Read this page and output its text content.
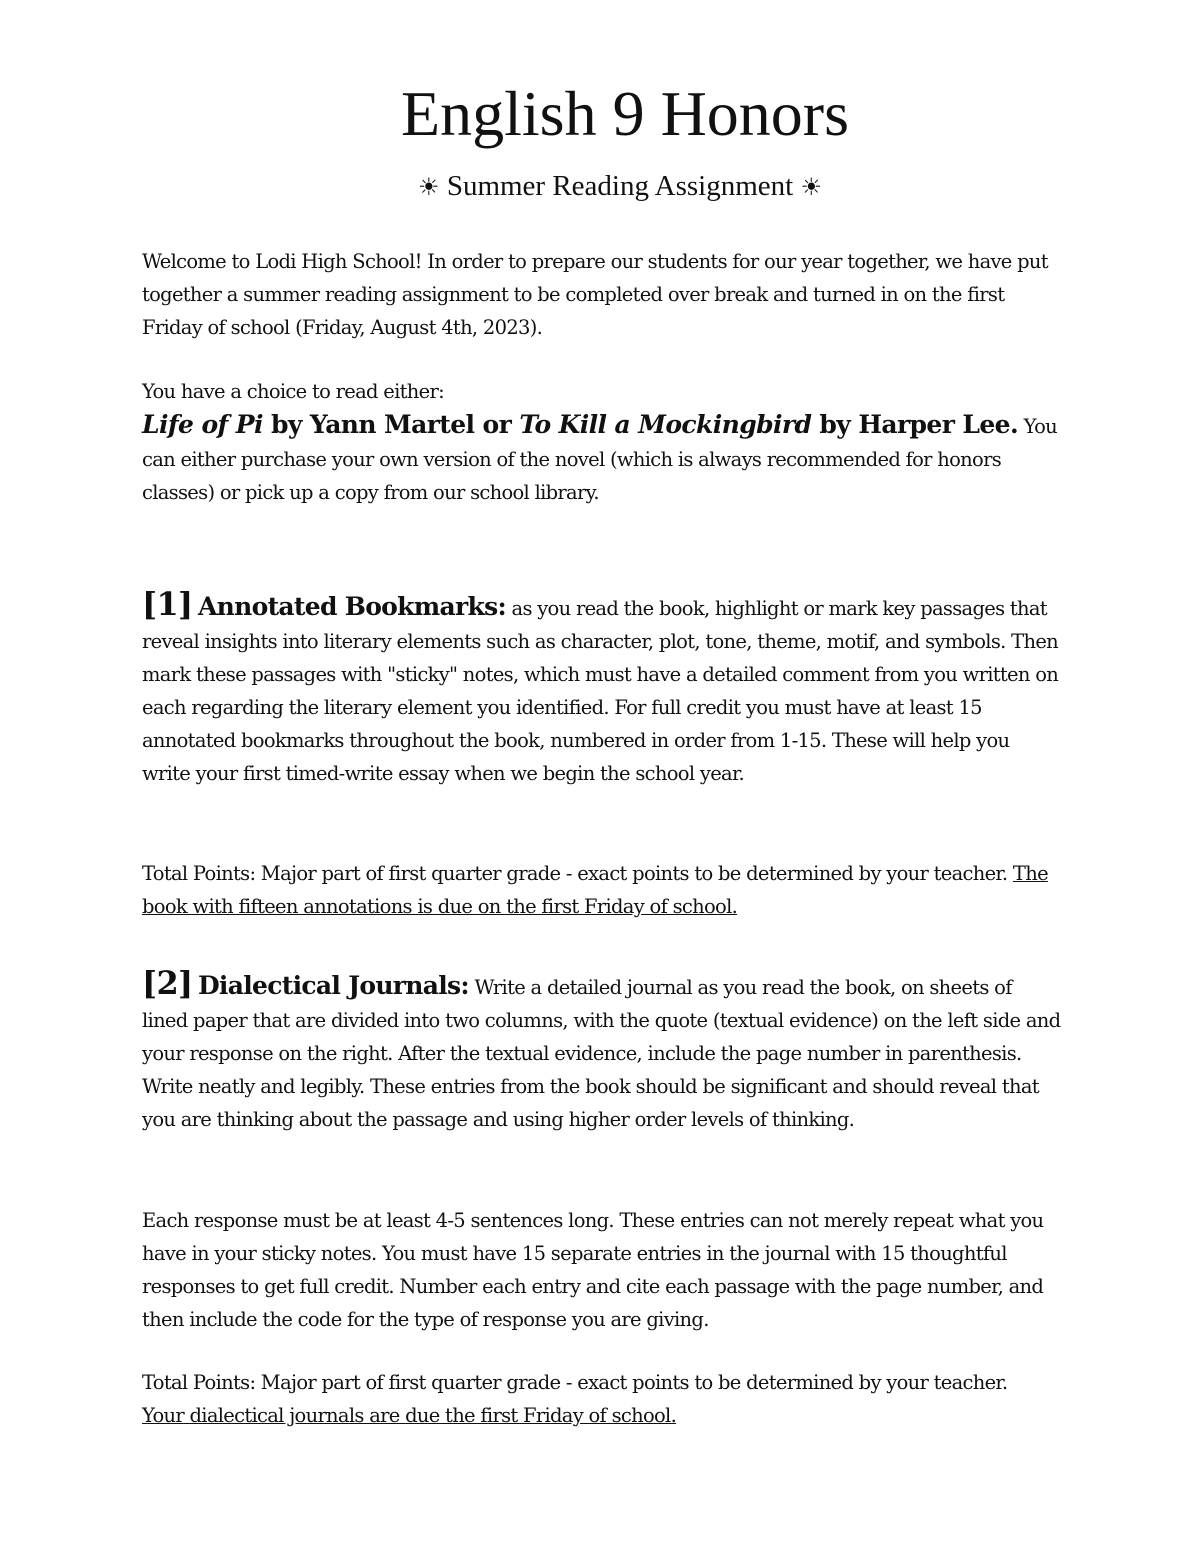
English 9 Honors
☀ Summer Reading Assignment ☀

Welcome to Lodi High School! In order to prepare our students for our year together, we have put together a summer reading assignment to be completed over break and turned in on the first Friday of school (Friday, August 4th, 2023).

You have a choice to read either:

Life of Pi by Yann Martel or To Kill a Mockingbird by Harper Lee. You can either purchase your own version of the novel (which is always recommended for honors classes) or pick up a copy from our school library.

[1] Annotated Bookmarks: as you read the book, highlight or mark key passages that reveal insights into literary elements such as character, plot, tone, theme, motif, and symbols. Then mark these passages with "sticky" notes, which must have a detailed comment from you written on each regarding the literary element you identified. For full credit you must have at least 15 annotated bookmarks throughout the book, numbered in order from 1-15. These will help you write your first timed-write essay when we begin the school year.

Total Points: Major part of first quarter grade - exact points to be determined by your teacher. The book with fifteen annotations is due on the first Friday of school.

[2] Dialectical Journals: Write a detailed journal as you read the book, on sheets of lined paper that are divided into two columns, with the quote (textual evidence) on the left side and your response on the right. After the textual evidence, include the page number in parenthesis. Write neatly and legibly. These entries from the book should be significant and should reveal that you are thinking about the passage and using higher order levels of thinking.

Each response must be at least 4-5 sentences long. These entries can not merely repeat what you have in your sticky notes. You must have 15 separate entries in the journal with 15 thoughtful responses to get full credit. Number each entry and cite each passage with the page number, and then include the code for the type of response you are giving.

Total Points: Major part of first quarter grade - exact points to be determined by your teacher.

Your dialectical journals are due the first Friday of school.
